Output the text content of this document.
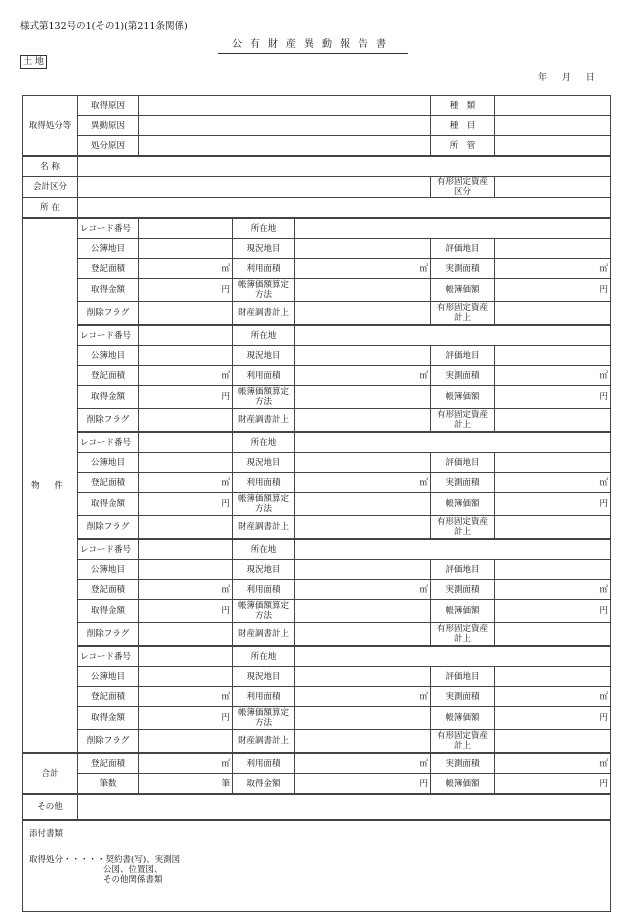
様式第132号の1(その1)(第211条関係)
公有財産異動報告書
土 地
年 月 日
取得処分等	取得原因				種　類	
	異動原因				種　目	
	処分原因				所　管	
名 称						
会計区分					有形固定資産区分	
所 在						
物 件	レコード番号		所在地			
	公簿地目		現況地目		評価地目	
	登記面積	㎡	利用面積	㎡	実測面積	㎡
	取得金額	円	帳簿価額算定方法		帳簿価額	円
	削除フラグ		財産調書計上		有形固定資産計上	
	レコード番号		所在地			
	公簿地目		現況地目		評価地目	
	登記面積	㎡	利用面積	㎡	実測面積	㎡
	取得金額	円	帳簿価額算定方法		帳簿価額	円
	削除フラグ		財産調書計上		有形固定資産計上	
	レコード番号		所在地			
	公簿地目		現況地目		評価地目	
	登記面積	㎡	利用面積	㎡	実測面積	㎡
	取得金額	円	帳簿価額算定方法		帳簿価額	円
	削除フラグ		財産調書計上		有形固定資産計上	
	レコード番号		所在地			
	公簿地目		現況地目		評価地目	
	登記面積	㎡	利用面積	㎡	実測面積	㎡
	取得金額	円	帳簿価額算定方法		帳簿価額	円
	削除フラグ		財産調書計上		有形固定資産計上	
	レコード番号		所在地			
	公簿地目		現況地目		評価地目	
	登記面積	㎡	利用面積	㎡	実測面積	㎡
	取得金額	円	帳簿価額算定方法		帳簿価額	円
	削除フラグ		財産調書計上		有形固定資産計上	
合計	登記面積	㎡	利用面積	㎡	実測面積	㎡
	筆数	筆	取得金額	円	帳簿価額	円
その他						

添付書類
取得処分・・・・・契約書(写)、実測図
公図、位置図、
その他関係書類						
